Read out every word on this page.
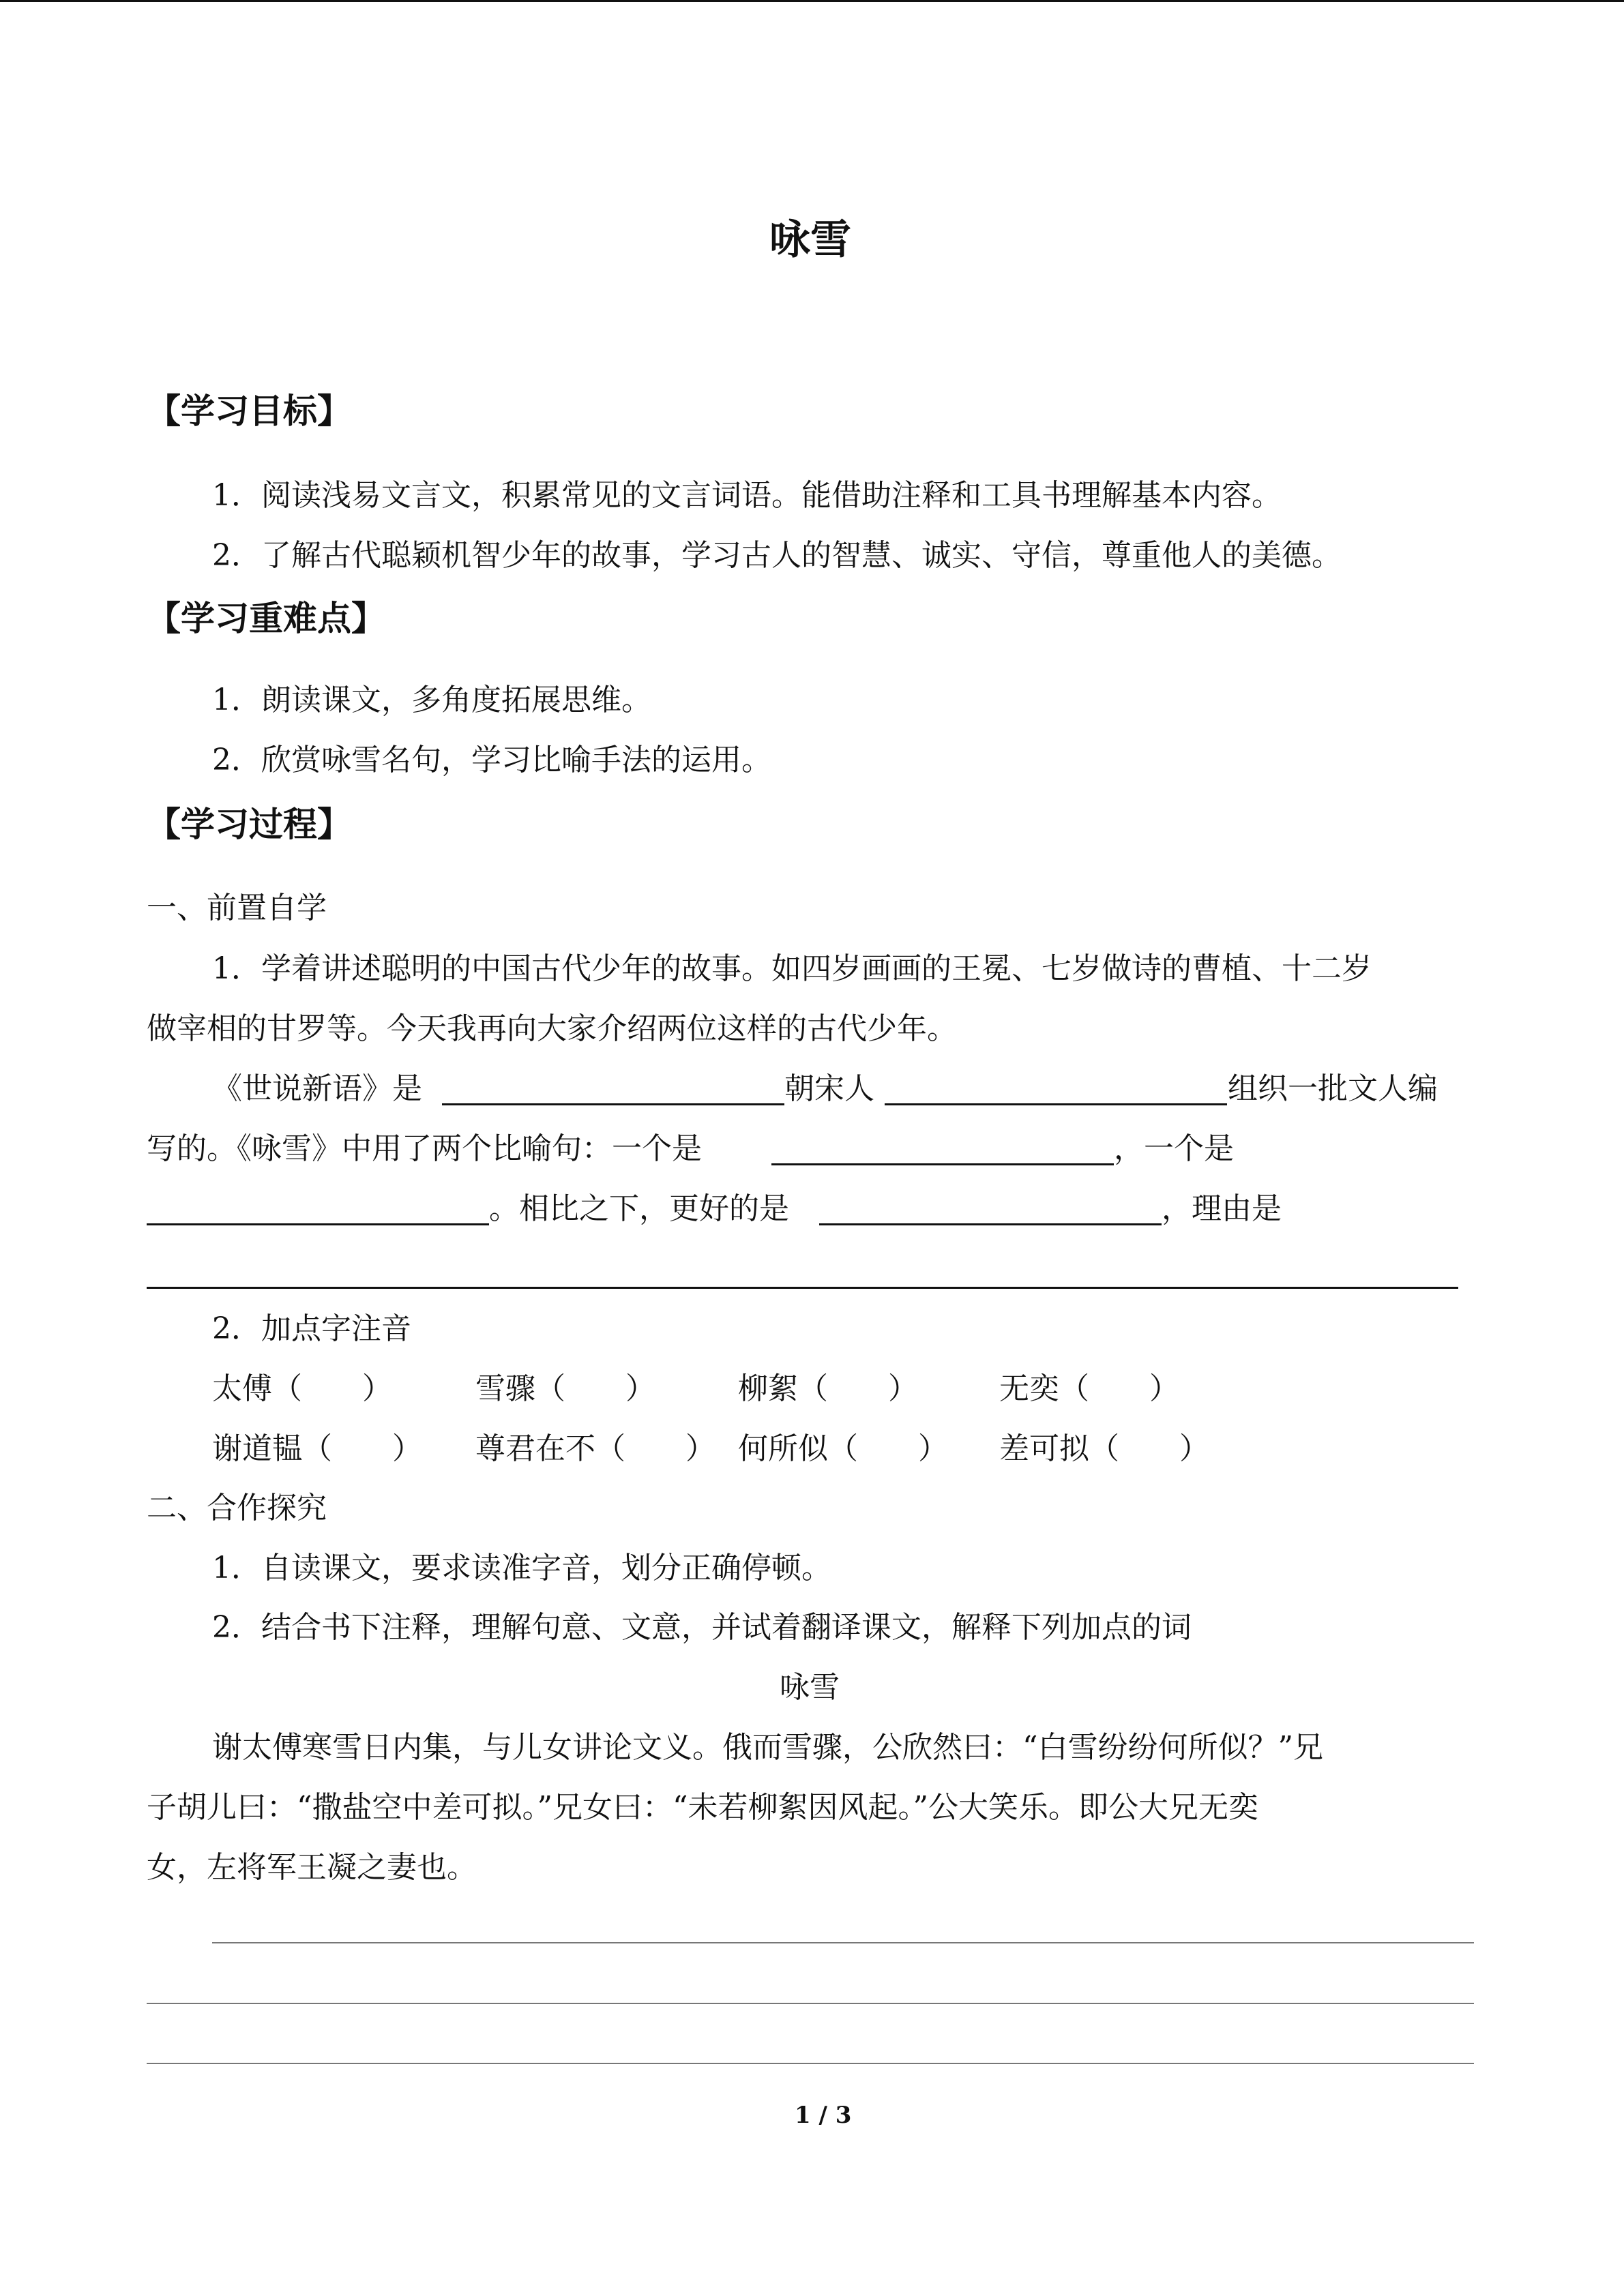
咏雪
【学习目标】
1．阅读浅易文言文，积累常见的文言词语。能借助注释和工具书理解基本内容。
2．了解古代聪颖机智少年的故事，学习古人的智慧、诚实、守信，尊重他人的美德。
【学习重难点】
1．朗读课文，多角度拓展思维。
2．欣赏咏雪名句，学习比喻手法的运用。
【学习过程】
一、前置自学
1．学着讲述聪明的中国古代少年的故事。如四岁画画的王冕、七岁做诗的曹植、十二岁
做宰相的甘罗等。今天我再向大家介绍两位这样的古代少年。
《世说新语》是	朝宋人	组织一批文人编
写的。《咏雪》中用了两个比喻句：一个是	，一个是
。相比之下，更好的是	，理由是
2．加点字注音
太傅（　　）	雪骤（　　）	柳絮（　　）	无奕（　　）
谢道韫（　　） 尊君在不（　　） 何所似（　　） 差可拟（　　）
二、合作探究
1．自读课文，要求读准字音，划分正确停顿。
2．结合书下注释，理解句意、文意，并试着翻译课文，解释下列加点的词
咏雪
谢太傅寒雪日内集，与儿女讲论文义。俄而雪骤，公欣然曰：“白雪纷纷何所似？”兄
子胡儿曰：“撒盐空中差可拟。”兄女曰：“未若柳絮因风起。”公大笑乐。即公大兄无奕
女，左将军王凝之妻也。
1 / 3
